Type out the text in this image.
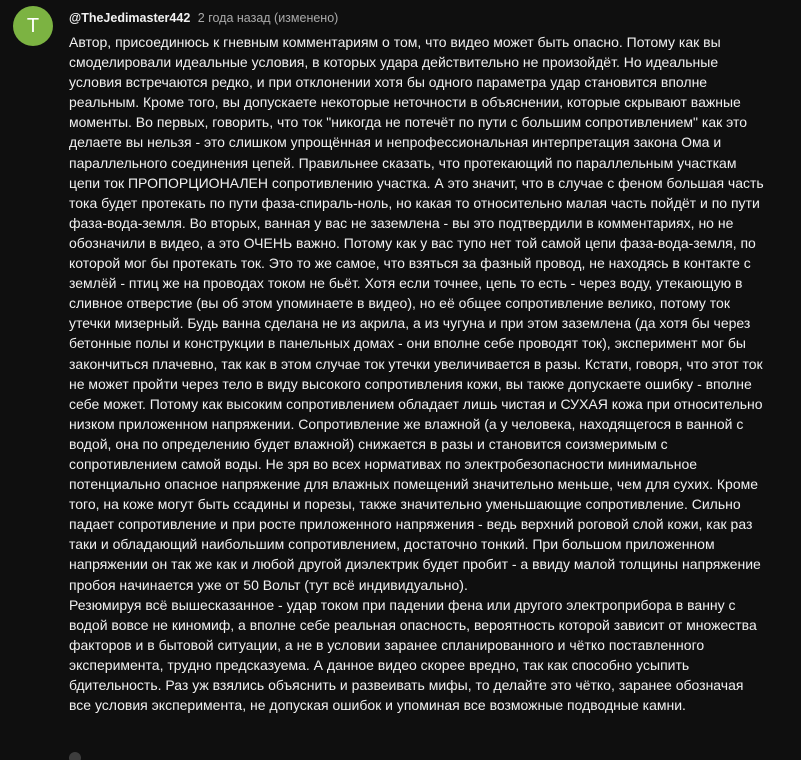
T	@TheJedimaster442 2 года назад (изменено)
Автор, присоединюсь к гневным комментариям о том, что видео может быть опасно. Потому как вы смоделировали идеальные условия, в которых удара действительно не произойдёт. Но идеальные условия встречаются редко, и при отклонении хотя бы одного параметра удар становится вполне реальным. Кроме того, вы допускаете некоторые неточности в объяснении, которые скрывают важные моменты. Во первых, говорить, что ток "никогда не потечёт по пути с большим сопротивлением" как это делаете вы нельзя - это слишком упрощённая и непрофессиональная интерпретация закона Ома и параллельного соединения цепей. Правильнее сказать, что протекающий по параллельным участкам цепи ток ПРОПОРЦИОНАЛЕН сопротивлению участка. А это значит, что в случае с феном большая часть тока будет протекать по пути фаза-спираль-ноль, но какая то относительно малая часть пойдёт и по пути фаза-вода-земля. Во вторых, ванная у вас не заземлена - вы это подтвердили в комментариях, но не обозначили в видео, а это ОЧЕНЬ важно. Потому как у вас тупо нет той самой цепи фаза-вода-земля, по которой мог бы протекать ток. Это то же самое, что взяться за фазный провод, не находясь в контакте с землёй - птиц же на проводах током не бьёт. Хотя если точнее, цепь то есть - через воду, утекающую в сливное отверстие (вы об этом упоминаете в видео), но её общее сопротивление велико, потому ток утечки мизерный. Будь ванна сделана не из акрила, а из чугуна и при этом заземлена (да хотя бы через бетонные полы и конструкции в панельных домах - они вполне себе проводят ток), эксперимент мог бы закончиться плачевно, так как в этом случае ток утечки увеличивается в разы. Кстати, говоря, что этот ток не может пройти через тело в виду высокого сопротивления кожи, вы также допускаете ошибку - вполне себе может. Потому как высоким сопротивлением обладает лишь чистая и СУХАЯ кожа при относительно низком приложенном напряжении. Сопротивление же влажной (а у человека, находящегося в ванной с водой, она по определению будет влажной) снижается в разы и становится соизмеримым с сопротивлением самой воды. Не зря во всех нормативах по электробезопасности минимальное потенциально опасное напряжение для влажных помещений значительно меньше, чем для сухих. Кроме того, на коже могут быть ссадины и порезы, также значительно уменьшающие сопротивление. Сильно падает сопротивление и при росте приложенного напряжения - ведь верхний роговой слой кожи, как раз таки и обладающий наибольшим сопротивлением, достаточно тонкий. При большом приложенном напряжении он так же как и любой другой диэлектрик будет пробит - а ввиду малой толщины напряжение пробоя начинается уже от 50 Вольт (тут всё индивидуально).
Резюмируя всё вышесказанное - удар током при падении фена или другого электроприбора в ванну с водой вовсе не киномиф, а вполне себе реальная опасность, вероятность которой зависит от множества факторов и в бытовой ситуации, а не в условии заранее спланированного и чётко поставленного эксперимента, трудно предсказуема. А данное видео скорее вредно, так как способно усыпить бдительность. Раз уж взялись объяснить и развеивать мифы, то делайте это чётко, заранее обозначая все условия эксперимента, не допуская ошибок и упоминая все возможные подводные камни.
